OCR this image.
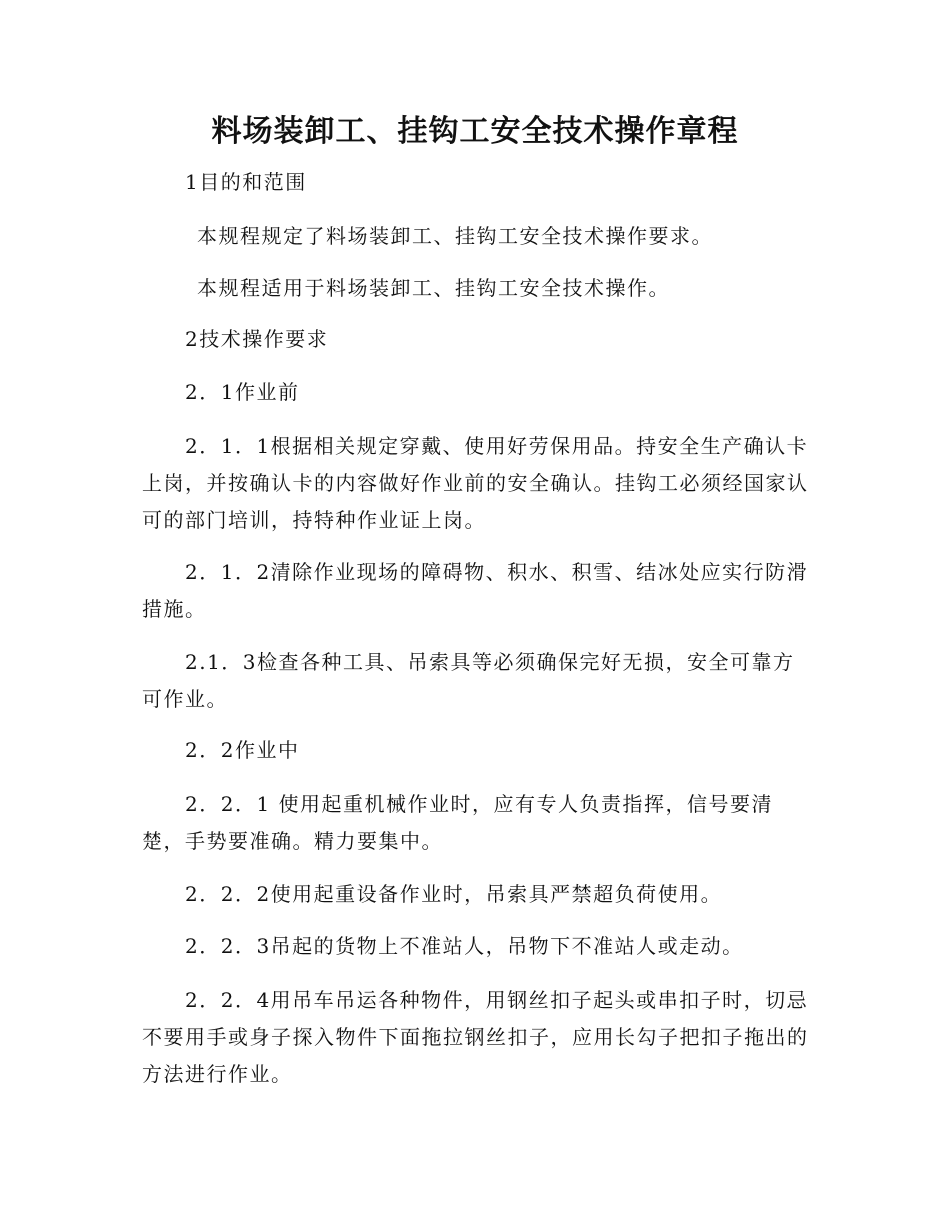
料场装卸工、挂钩工安全技术操作章程

1目的和范围

本规程规定了料场装卸工、挂钩工安全技术操作要求。

本规程适用于料场装卸工、挂钩工安全技术操作。

2技术操作要求

2．1作业前

2．1．1根据相关规定穿戴、使用好劳保用品。持安全生产确认卡上岗，并按确认卡的内容做好作业前的安全确认。挂钩工必须经国家认可的部门培训，持特种作业证上岗。

2．1．2清除作业现场的障碍物、积水、积雪、结冰处应实行防滑措施。

2.1．3检查各种工具、吊索具等必须确保完好无损，安全可靠方可作业。

2．2作业中

2．2．1 使用起重机械作业时，应有专人负责指挥，信号要清楚，手势要准确。精力要集中。

2．2．2使用起重设备作业时，吊索具严禁超负荷使用。

2．2．3吊起的货物上不准站人，吊物下不准站人或走动。

2．2．4用吊车吊运各种物件，用钢丝扣子起头或串扣子时，切忌不要用手或身子探入物件下面拖拉钢丝扣子，应用长勾子把扣子拖出的方法进行作业。
